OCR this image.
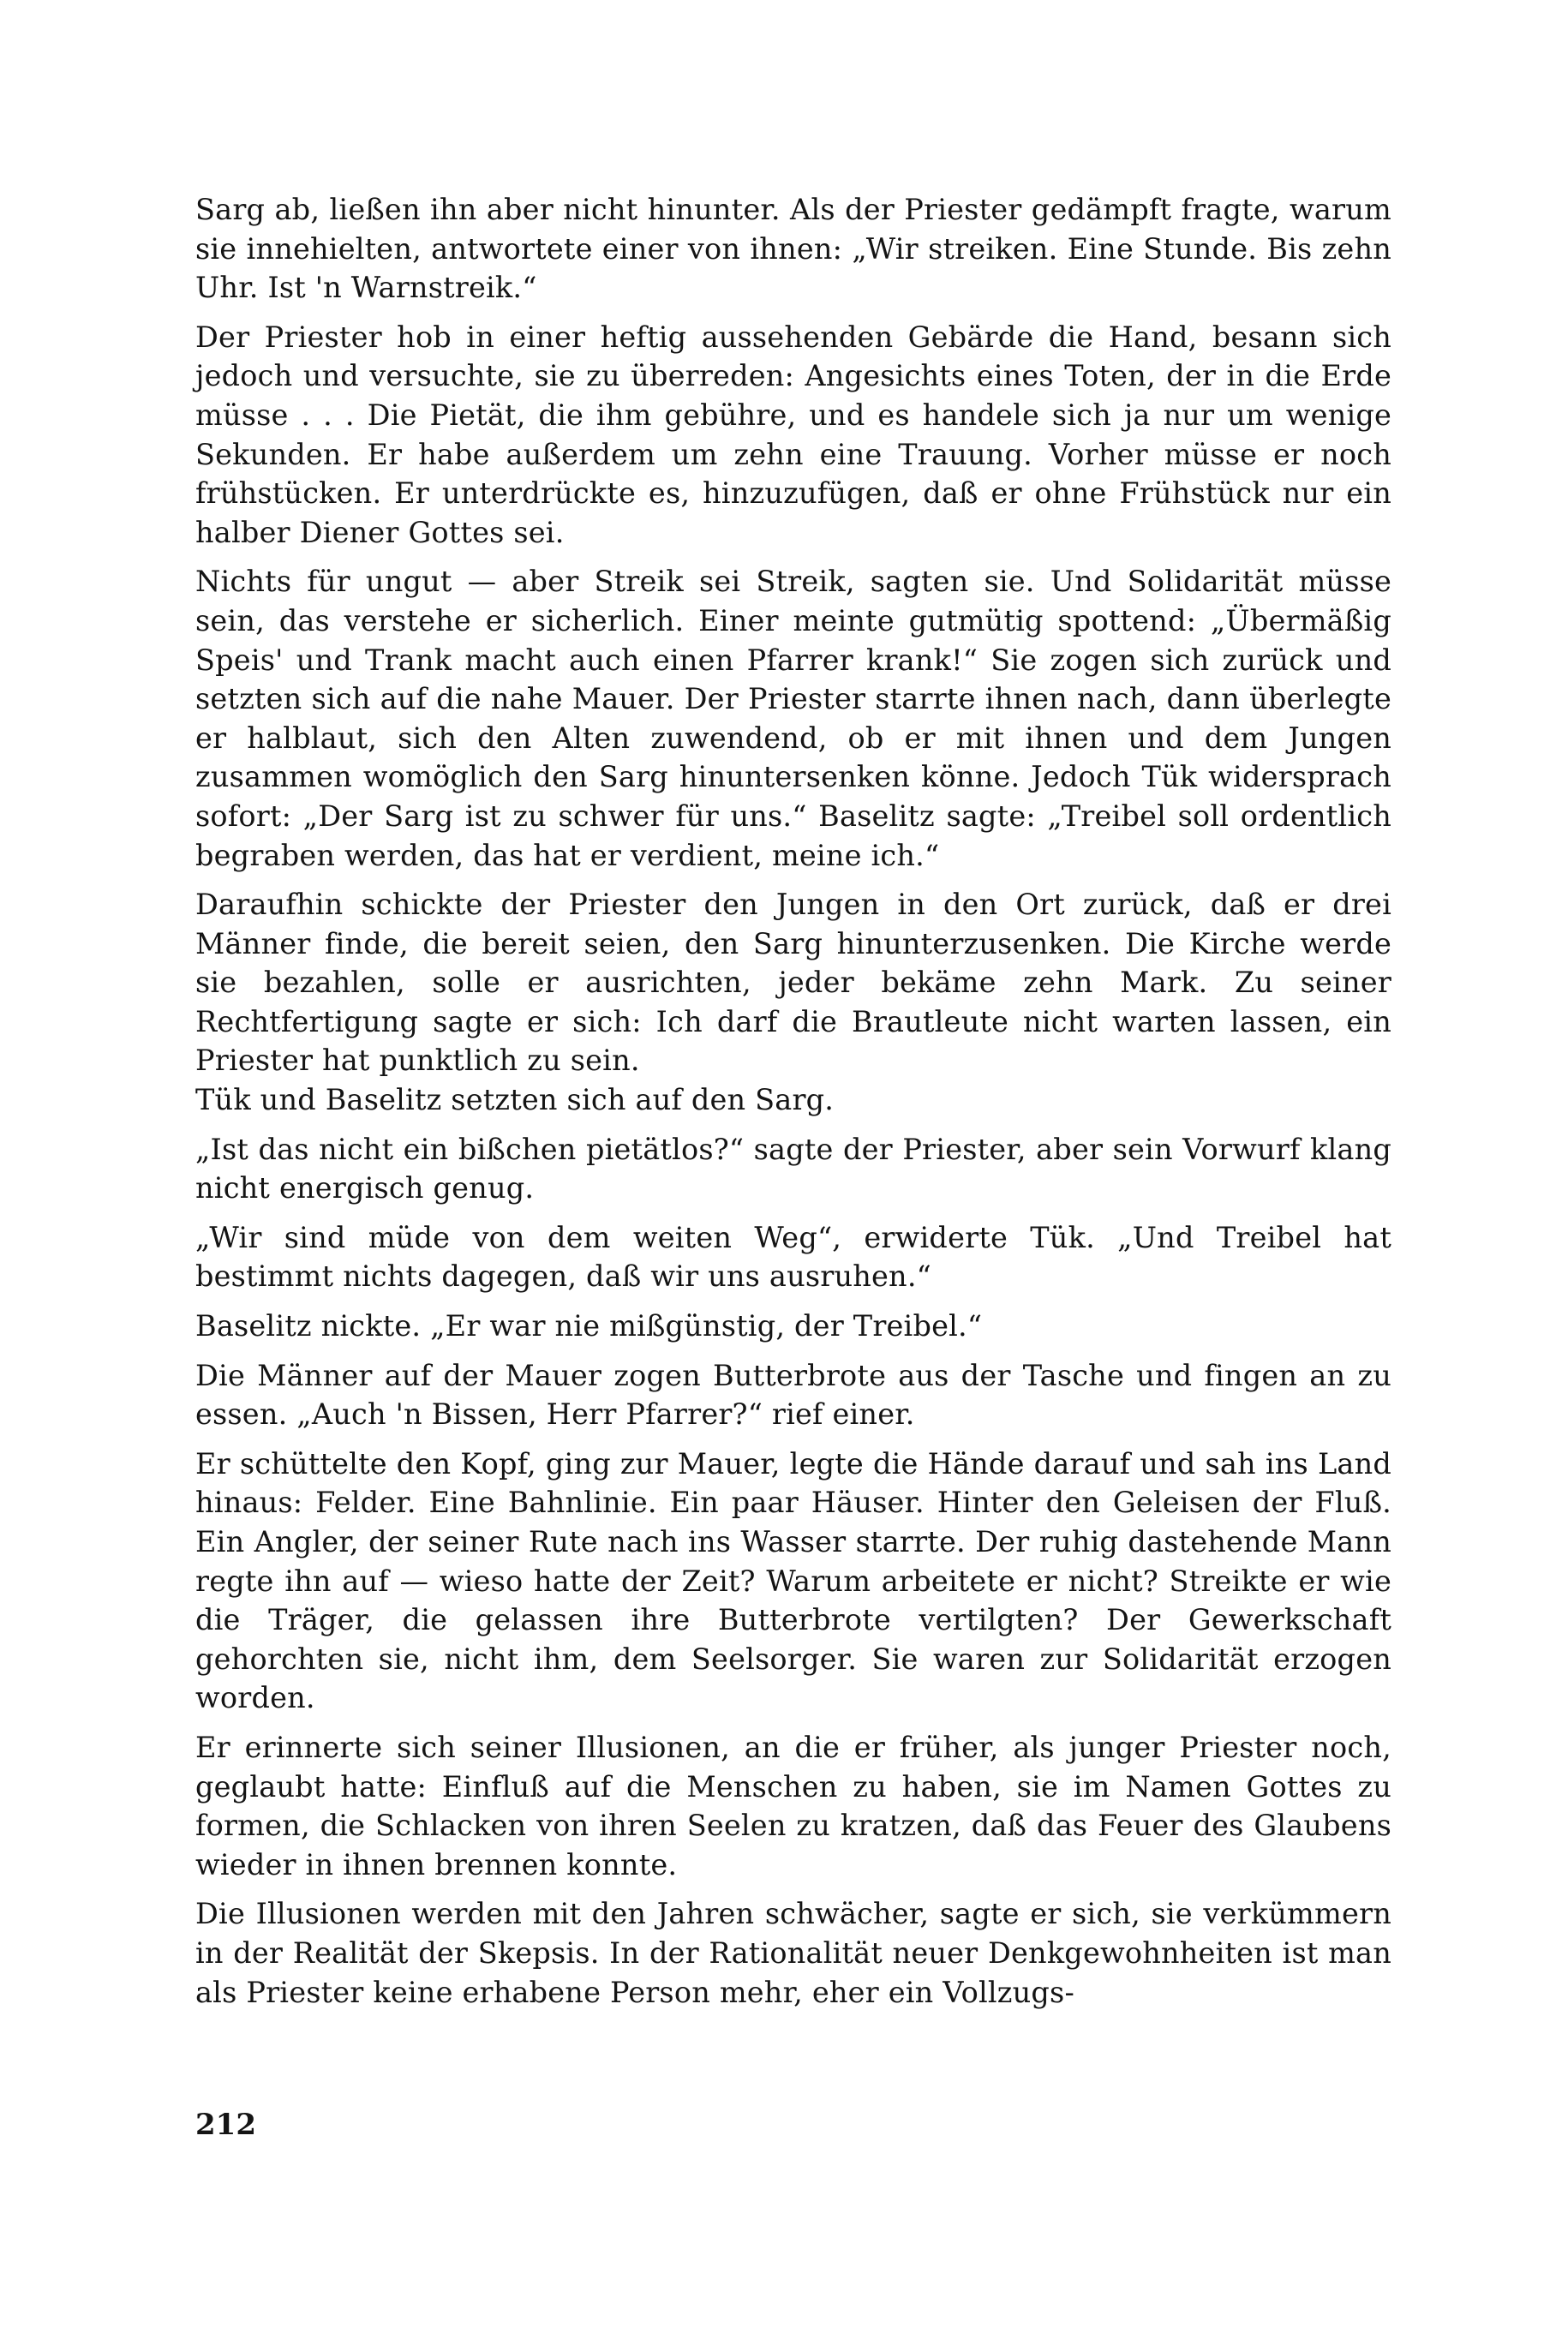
Sarg ab, ließen ihn aber nicht hinunter. Als der Priester gedämpft fragte, warum sie innehielten, antwortete einer von ihnen: „Wir streiken. Eine Stunde. Bis zehn Uhr. Ist 'n Warnstreik.“

Der Priester hob in einer heftig aussehenden Gebärde die Hand, besann sich jedoch und versuchte, sie zu überreden: Angesichts eines Toten, der in die Erde müsse . . . Die Pietät, die ihm gebühre, und es handele sich ja nur um wenige Sekunden. Er habe außerdem um zehn eine Trauung. Vorher müsse er noch frühstücken. Er unterdrückte es, hinzuzufügen, daß er ohne Frühstück nur ein halber Diener Gottes sei.

Nichts für ungut — aber Streik sei Streik, sagten sie. Und Solidarität müsse sein, das verstehe er sicherlich. Einer meinte gutmütig spottend: „Übermäßig Speis' und Trank macht auch einen Pfarrer krank!“ Sie zogen sich zurück und setzten sich auf die nahe Mauer. Der Priester starrte ihnen nach, dann überlegte er halblaut, sich den Alten zuwendend, ob er mit ihnen und dem Jungen zusammen womöglich den Sarg hinuntersenken könne. Jedoch Tük widersprach sofort: „Der Sarg ist zu schwer für uns.“ Baselitz sagte: „Treibel soll ordentlich begraben werden, das hat er verdient, meine ich.“

Daraufhin schickte der Priester den Jungen in den Ort zurück, daß er drei Männer finde, die bereit seien, den Sarg hinunterzusenken. Die Kirche werde sie bezahlen, solle er ausrichten, jeder bekäme zehn Mark. Zu seiner Rechtfertigung sagte er sich: Ich darf die Brautleute nicht warten lassen, ein Priester hat punktlich zu sein.

Tük und Baselitz setzten sich auf den Sarg.

„Ist das nicht ein bißchen pietätlos?“ sagte der Priester, aber sein Vorwurf klang nicht energisch genug.

„Wir sind müde von dem weiten Weg“, erwiderte Tük. „Und Treibel hat bestimmt nichts dagegen, daß wir uns ausruhen.“

Baselitz nickte. „Er war nie mißgünstig, der Treibel.“

Die Männer auf der Mauer zogen Butterbrote aus der Tasche und fingen an zu essen. „Auch 'n Bissen, Herr Pfarrer?“ rief einer.

Er schüttelte den Kopf, ging zur Mauer, legte die Hände darauf und sah ins Land hinaus: Felder. Eine Bahnlinie. Ein paar Häuser. Hinter den Geleisen der Fluß. Ein Angler, der seiner Rute nach ins Wasser starrte. Der ruhig dastehende Mann regte ihn auf — wieso hatte der Zeit? Warum arbeitete er nicht? Streikte er wie die Träger, die gelassen ihre Butterbrote vertilgten? Der Gewerkschaft gehorchten sie, nicht ihm, dem Seelsorger. Sie waren zur Solidarität erzogen worden.

Er erinnerte sich seiner Illusionen, an die er früher, als junger Priester noch, geglaubt hatte: Einfluß auf die Menschen zu haben, sie im Namen Gottes zu formen, die Schlacken von ihren Seelen zu kratzen, daß das Feuer des Glaubens wieder in ihnen brennen konnte.

Die Illusionen werden mit den Jahren schwächer, sagte er sich, sie verkümmern in der Realität der Skepsis. In der Rationalität neuer Denkgewohnheiten ist man als Priester keine erhabene Person mehr, eher ein Vollzugs-

212
